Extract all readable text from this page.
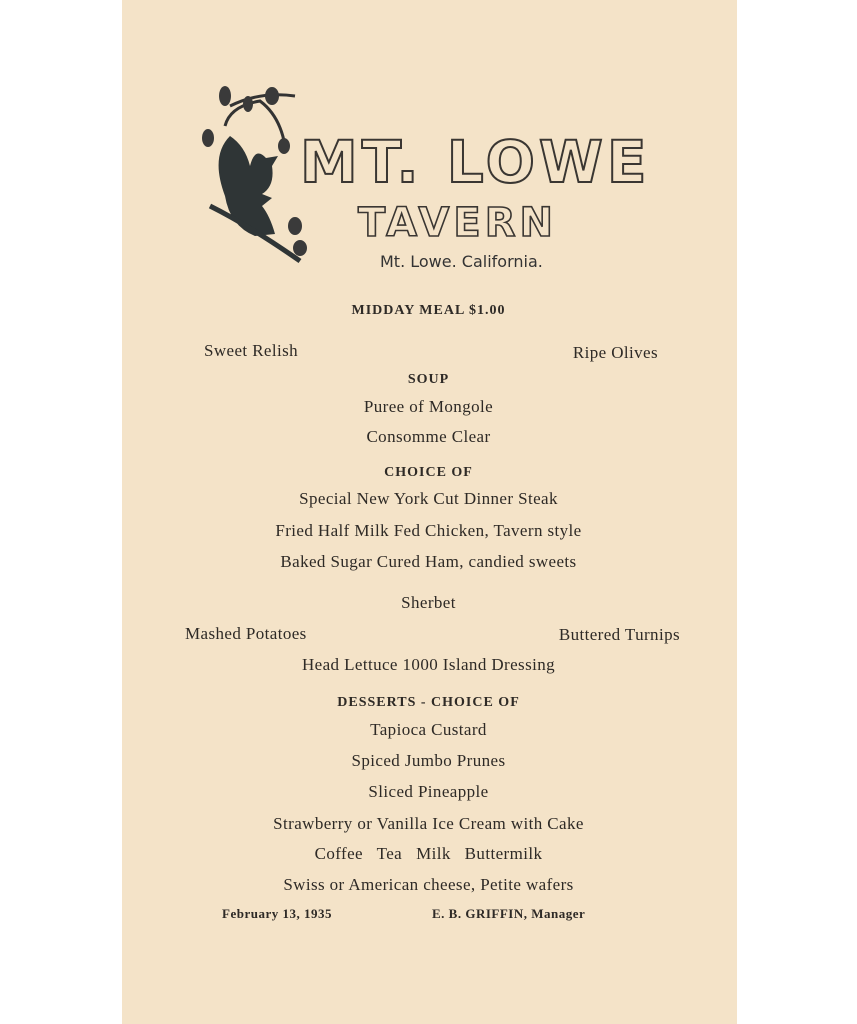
MT. LOWE
TAVERN
Mt. Lowe. California.
MIDDAY MEAL $1.00
Sweet Relish	Ripe Olives
SOUP
Puree of Mongole
Consomme Clear
CHOICE OF
Special New York Cut Dinner Steak
Fried Half Milk Fed Chicken, Tavern style
Baked Sugar Cured Ham, candied sweets
Sherbet
Mashed Potatoes	Buttered Turnips
Head Lettuce 1000 Island Dressing
DESSERTS - CHOICE OF
Tapioca Custard
Spiced Jumbo Prunes
Sliced Pineapple
Strawberry or Vanilla Ice Cream with Cake
Coffee   Tea   Milk   Buttermilk
Swiss or American cheese, Petite wafers
February 13, 1935	E. B. GRIFFIN, Manager
